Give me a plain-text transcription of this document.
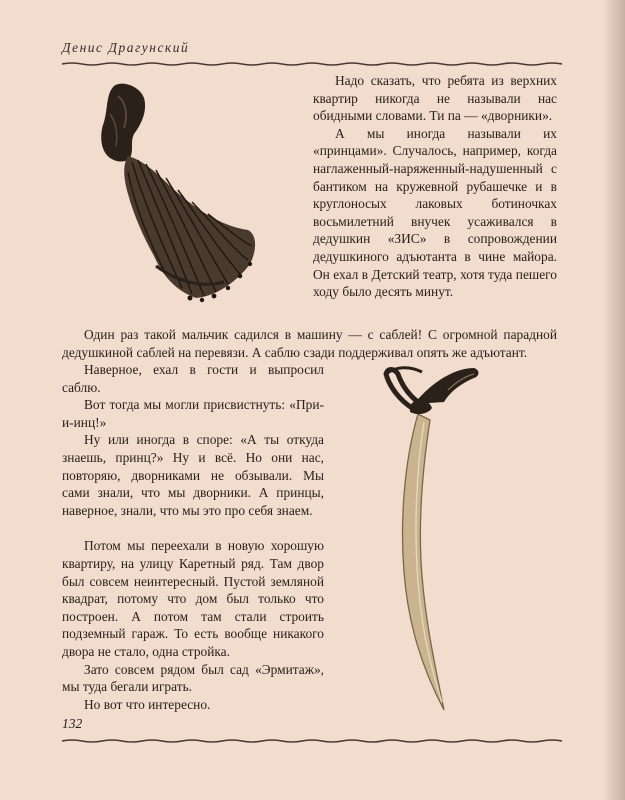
Денис Драгунский

Надо сказать, что ребята из верхних квартир никогда не называли нас обидными словами. Ти па — «дворники».

А мы иногда называли их «принцами». Случалось, например, когда наглаженный-наряженный-надушенный с бантиком на кружевной рубашечке и в круглоносых лаковых ботиночках восьмилетний внучек усаживался в дедушкин «ЗИС» в сопровождении дедушкиного адъютанта в чине майора. Он ехал в Детский театр, хотя туда пешего ходу было десять минут.

Один раз такой мальчик садился в машину — с саблей! С огромной парадной дедушкиной саблей на перевязи. А саблю сзади поддерживал опять же адъютант.

Наверное, ехал в гости и выпросил саблю.

Вот тогда мы могли присвистнуть: «При-и-инц!»

Ну или иногда в споре: «А ты откуда знаешь, принц?» Ну и всё. Но они нас, повторяю, дворниками не обзывали. Мы сами знали, что мы дворники. А принцы, наверное, знали, что мы это про себя знаем.

Потом мы переехали в новую хорошую квартиру, на улицу Каретный ряд. Там двор был совсем неинтересный. Пустой земляной квадрат, потому что дом был только что построен. А потом там стали строить подземный гараж. То есть вообще никакого двора не стало, одна стройка.

Зато совсем рядом был сад «Эрмитаж», мы туда бегали играть.

Но вот что интересно.

132
